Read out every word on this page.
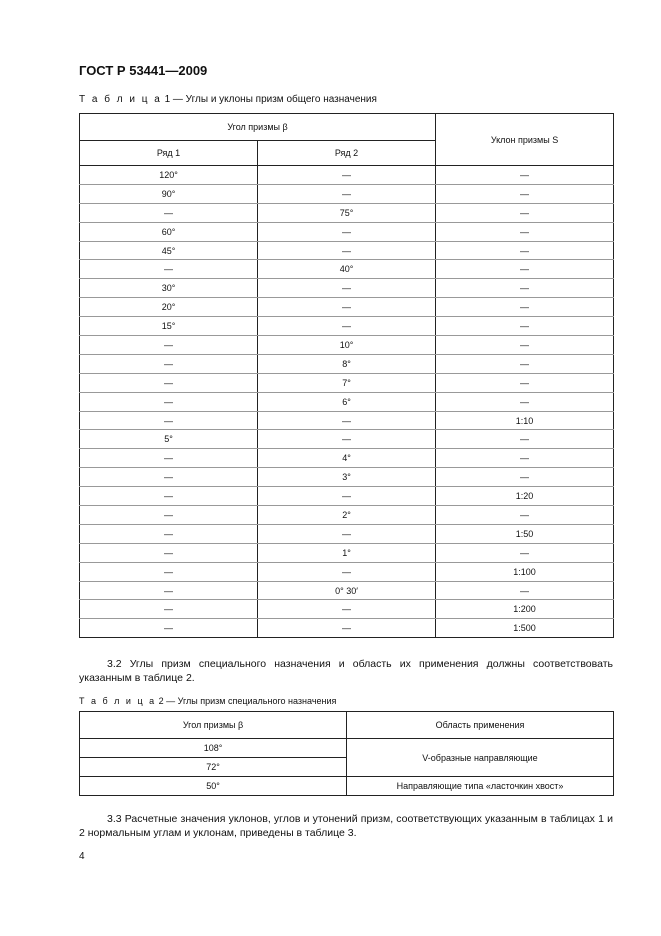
ГОСТ Р 53441—2009
Т а б л и ц а 1 — Углы и уклоны призм общего назначения
Угол призмы β		Уклон призмы S
Ряд 1	Ряд 2	
120°	—	—
90°	—	—
—	75°	—
60°	—	—
45°	—	—
—	40°	—
30°	—	—
20°	—	—
15°	—	—
—	10°	—
—	8°	—
—	7°	—
—	6°	—
—	—	1:10
5°	—	—
—	4°	—
—	3°	—
—	—	1:20
—	2°	—
—	—	1:50
—	1°	—
—	—	1:100
—	0° 30′	—
—	—	1:200
—	—	1:500
3.2 Углы призм специального назначения и область их применения должны соответствовать указанным в таблице 2.
Т а б л и ц а 2 — Углы призм специального назначения
Угол призмы β	Область применения
108°	V-образные направляющие
72°	
50°	Направляющие типа «ласточкин хвост»
3.3 Расчетные значения уклонов, углов и утонений призм, соответствующих указанным в таблицах 1 и 2 нормальным углам и уклонам, приведены в таблице 3.
4
